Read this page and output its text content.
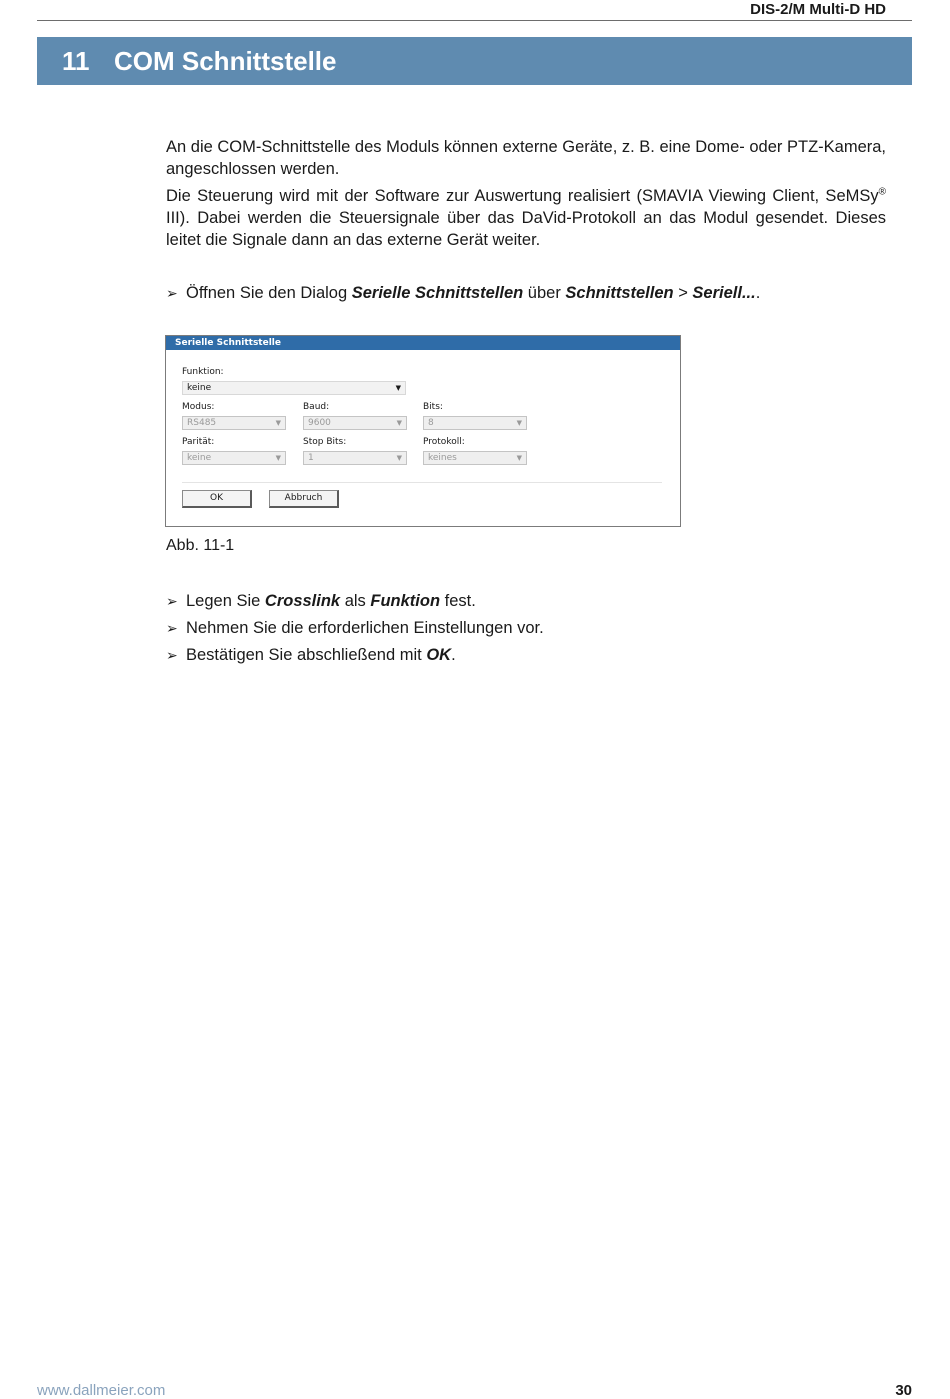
DIS-2/M Multi-D HD
11 COM Schnittstelle

An die COM-Schnittstelle des Moduls können externe Geräte, z. B. eine Dome- oder PTZ-Kamera, angeschlossen werden.

Die Steuerung wird mit der Software zur Auswertung realisiert (SMAVIA Viewing Client, SeMSy® III). Dabei werden die Steuersignale über das DaVid-Protokoll an das Modul gesendet. Dieses leitet die Signale dann an das externe Gerät weiter.

➢ Öffnen Sie den Dialog Serielle Schnittstellen über Schnittstellen > Seriell....

Serielle Schnittstelle
Funktion:
keine	▼
Modus:
RS485	▼
Baud:
9600	▼
Bits:
8	▼
Parität:
keine	▼
Stop Bits:
1	▼
Protokoll:
keines	▼
OK	Abbruch
Abb. 11-1

➢ Legen Sie Crosslink als Funktion fest.

➢ Nehmen Sie die erforderlichen Einstellungen vor.

➢ Bestätigen Sie abschließend mit OK.

www.dallmeier.com	30
